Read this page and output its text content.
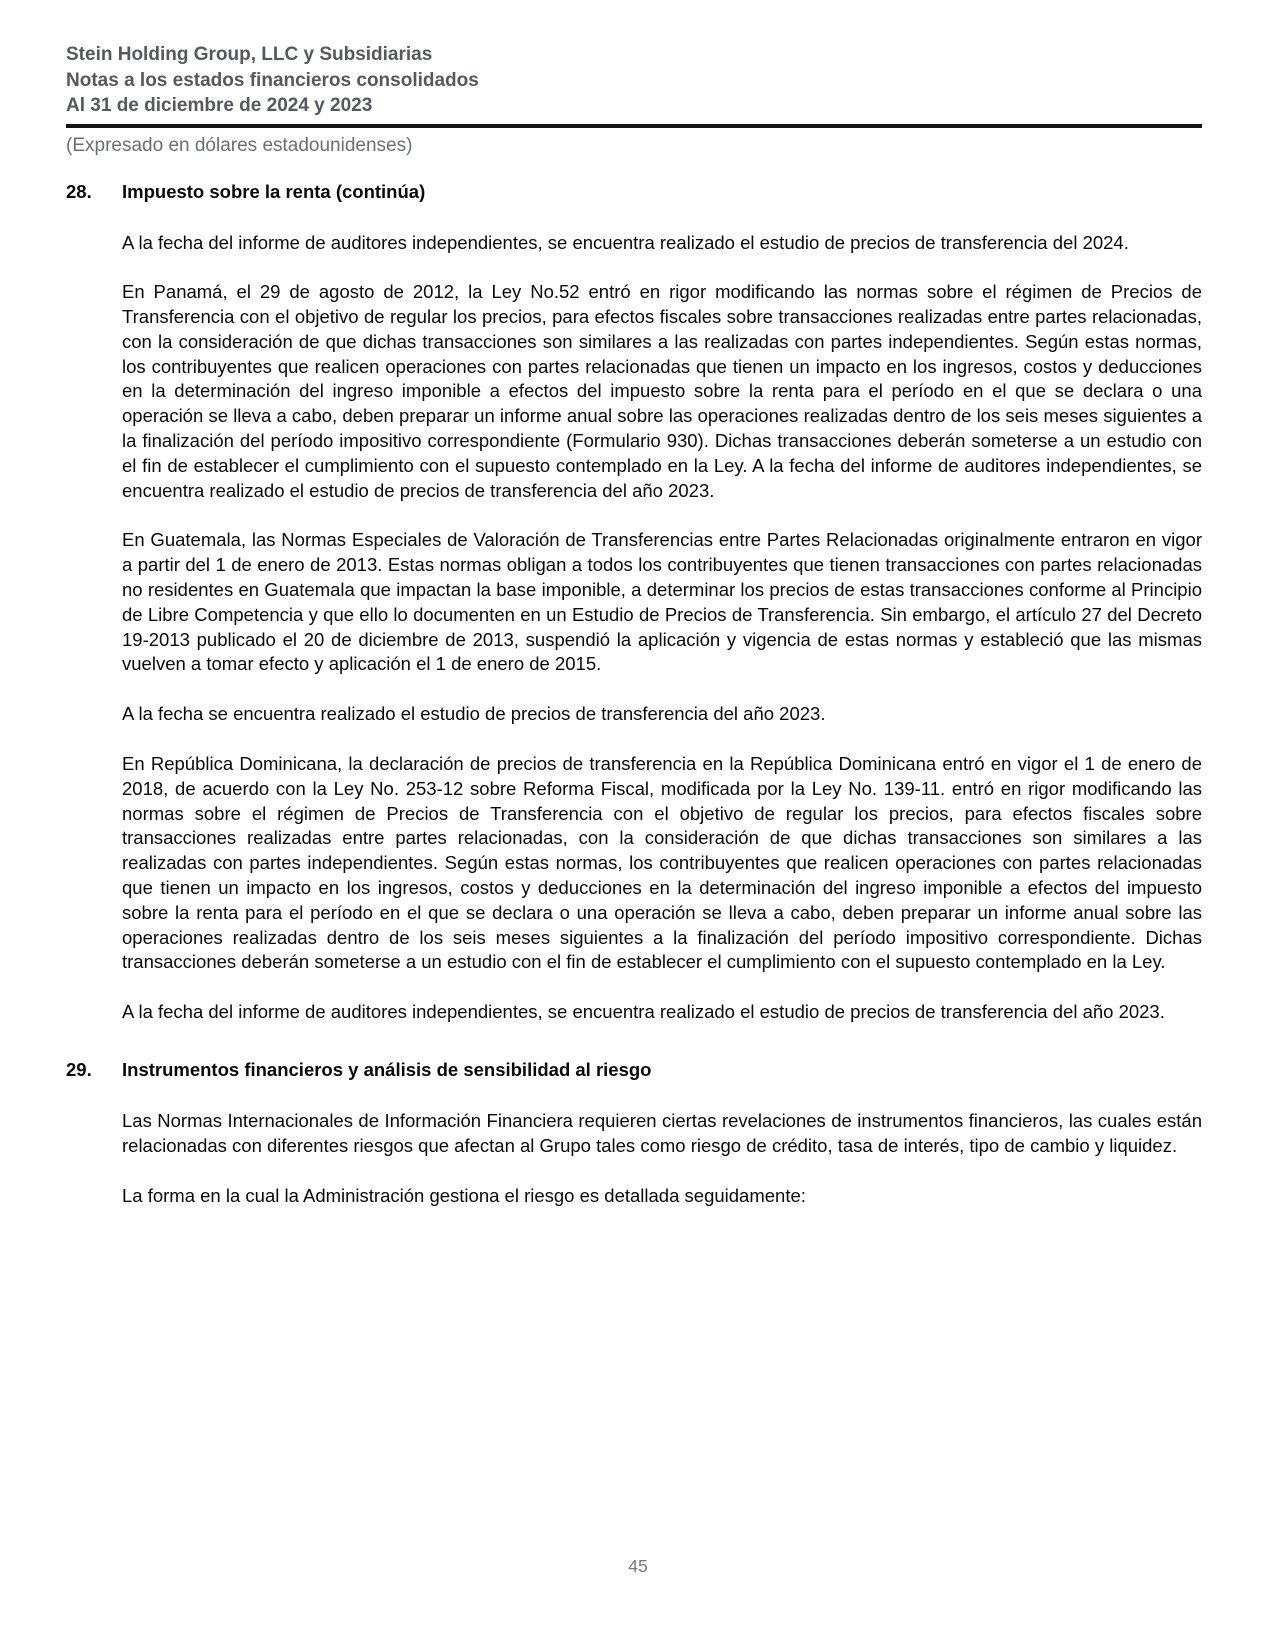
Stein Holding Group, LLC y Subsidiarias
Notas a los estados financieros consolidados
Al 31 de diciembre de 2024 y 2023
(Expresado en dólares estadounidenses)
28.	Impuesto sobre la renta (continúa)

A la fecha del informe de auditores independientes, se encuentra realizado el estudio de precios de transferencia del 2024.

En Panamá, el 29 de agosto de 2012, la Ley No.52 entró en rigor modificando las normas sobre el régimen de Precios de Transferencia con el objetivo de regular los precios, para efectos fiscales sobre transacciones realizadas entre partes relacionadas, con la consideración de que dichas transacciones son similares a las realizadas con partes independientes. Según estas normas, los contribuyentes que realicen operaciones con partes relacionadas que tienen un impacto en los ingresos, costos y deducciones en la determinación del ingreso imponible a efectos del impuesto sobre la renta para el período en el que se declara o una operación se lleva a cabo, deben preparar un informe anual sobre las operaciones realizadas dentro de los seis meses siguientes a la finalización del período impositivo correspondiente (Formulario 930). Dichas transacciones deberán someterse a un estudio con el fin de establecer el cumplimiento con el supuesto contemplado en la Ley. A la fecha del informe de auditores independientes, se encuentra realizado el estudio de precios de transferencia del año 2023.

En Guatemala, las Normas Especiales de Valoración de Transferencias entre Partes Relacionadas originalmente entraron en vigor a partir del 1 de enero de 2013. Estas normas obligan a todos los contribuyentes que tienen transacciones con partes relacionadas no residentes en Guatemala que impactan la base imponible, a determinar los precios de estas transacciones conforme al Principio de Libre Competencia y que ello lo documenten en un Estudio de Precios de Transferencia. Sin embargo, el artículo 27 del Decreto 19-2013 publicado el 20 de diciembre de 2013, suspendió la aplicación y vigencia de estas normas y estableció que las mismas vuelven a tomar efecto y aplicación el 1 de enero de 2015.

A la fecha se encuentra realizado el estudio de precios de transferencia del año 2023.

En República Dominicana, la declaración de precios de transferencia en la República Dominicana entró en vigor el 1 de enero de 2018, de acuerdo con la Ley No. 253-12 sobre Reforma Fiscal, modificada por la Ley No. 139-11. entró en rigor modificando las normas sobre el régimen de Precios de Transferencia con el objetivo de regular los precios, para efectos fiscales sobre transacciones realizadas entre partes relacionadas, con la consideración de que dichas transacciones son similares a las realizadas con partes independientes. Según estas normas, los contribuyentes que realicen operaciones con partes relacionadas que tienen un impacto en los ingresos, costos y deducciones en la determinación del ingreso imponible a efectos del impuesto sobre la renta para el período en el que se declara o una operación se lleva a cabo, deben preparar un informe anual sobre las operaciones realizadas dentro de los seis meses siguientes a la finalización del período impositivo correspondiente. Dichas transacciones deberán someterse a un estudio con el fin de establecer el cumplimiento con el supuesto contemplado en la Ley.

A la fecha del informe de auditores independientes, se encuentra realizado el estudio de precios de transferencia del año 2023.

29.	Instrumentos financieros y análisis de sensibilidad al riesgo

Las Normas Internacionales de Información Financiera requieren ciertas revelaciones de instrumentos financieros, las cuales están relacionadas con diferentes riesgos que afectan al Grupo tales como riesgo de crédito, tasa de interés, tipo de cambio y liquidez.

La forma en la cual la Administración gestiona el riesgo es detallada seguidamente:

45
